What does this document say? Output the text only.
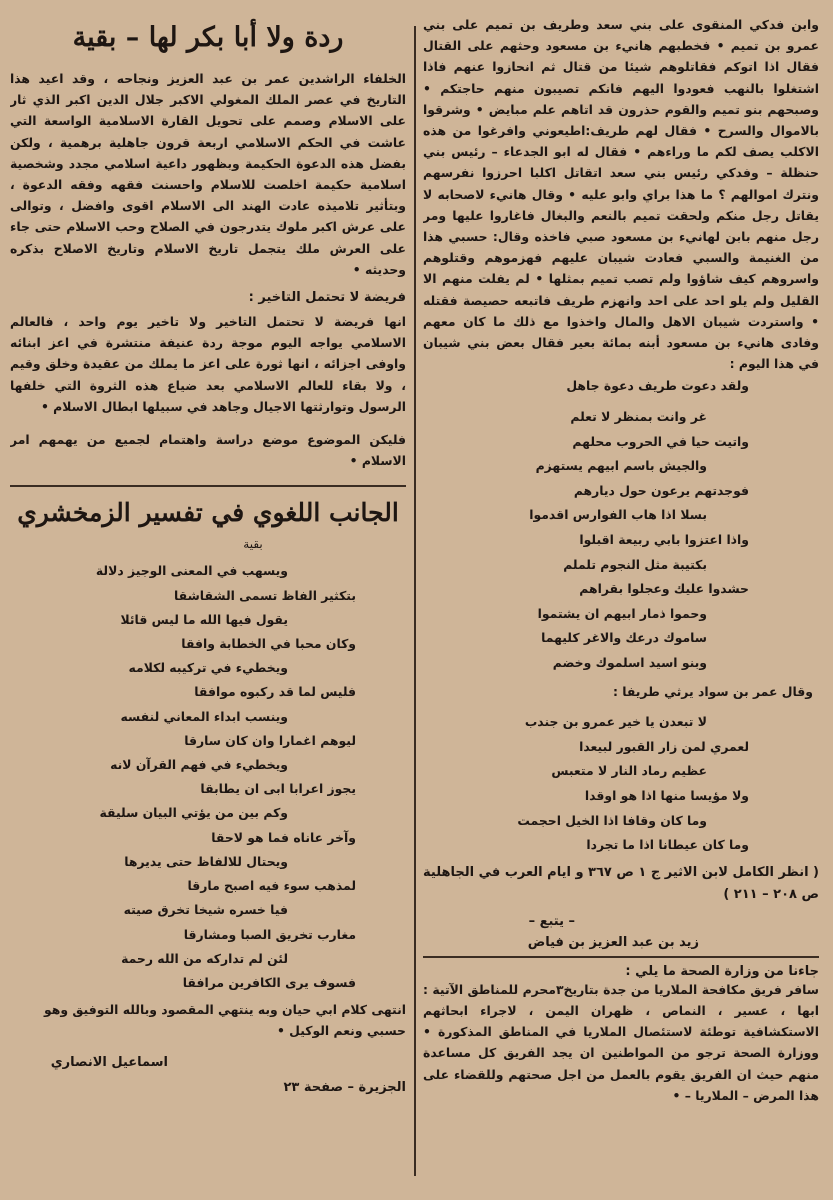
وابن فدكي المنقوى على بني سعد وطريف بن تميم على بني عمرو بن تميم • فخطبهم هانيء بن مسعود وحثهم على القتال فقال اذا اتوكم فقاتلوهم شيئا من قتال ثم انحازوا عنهم فاذا اشتغلوا بالنهب فعودوا اليهم فانكم تصيبون منهم حاجتكم • وصبحهم بنو تميم والقوم حذرون قد اتاهم علم مبايض • وشرقوا بالاموال والسرح • فقال لهم طريف:اطيعوني وافرغوا من هذه الاكلب يصف لكم ما وراءهم • فقال له ابو الجدعاء – رئيس بني حنظلة – وفدكي رئيس بني سعد اتقاتل اكلبا احرزوا نفرسهم ونترك اموالهم ؟ ما هذا براي وابو عليه • وقال هانيء لاصحابه لا يقاتل رجل منكم ولحقت تميم بالنعم والبغال فاغاروا عليها ومر رجل منهم بابن لهانيء بن مسعود صبي فاخذه وقال: حسبي هذا من الغنيمة والسبي فعادت شيبان عليهم فهزموهم وقتلوهم واسروهم كيف شاؤوا ولم تصب تميم بمثلها • لم يفلت منهم الا القليل ولم يلو احد على احد وانهزم طريف فاتبعه حصيصة فقتله • واستردت شيبان الاهل والمال واخذوا مع ذلك ما كان معهم وفادى هانيء بن مسعود أبنه بمائة بعير فقال بعض بني شيبان في هذا اليوم :

ولقد دعوت طريف دعوة جاهل
غر وانت بمنظر لا تعلم
واتيت حيا في الحروب محلهم
والجيش باسم ابيهم يستهزم
فوجدتهم يرعون حول ديارهم
بسلا اذا هاب الفوارس اقدموا
واذا اعتزوا بابي ربيعة اقبلوا
بكتيبة مثل النجوم تلملم
حشدوا عليك وعجلوا بقراهم
وحموا ذمار ابيهم ان يشتموا
ساموك درعك والاغر كليهما
وبنو اسيد اسلموك وخضم
وقال عمر بن سواد يرثي طريفا :
لا تبعدن يا خير عمرو بن جندب
لعمري لمن زار القبور لبيعدا
عظيم رماد النار لا متعبس
ولا مؤيسا منها اذا هو اوقدا
وما كان وقافا اذا الخيل احجمت
وما كان عيطانا اذا ما تجردا
( انظر الكامل لابن الاثير ج ١ ص ٣٦٧ و ايام العرب في الجاهلية ص ٢٠٨ – ٢١١ )
– يتبع –
زيد بن عبد العزيز بن فياض
جاءنا من وزارة الصحة ما يلي :

سافر فريق مكافحة الملاريا من جدة بتاريخ٣محرم للمناطق الآتية : ابها ، عسير ، النماص ، ظهران اليمن ، لاجراء ابحاثهم الاستكشافية توطئة لاستئصال الملاريا في المناطق المذكورة • ووزارة الصحة ترجو من المواطنين ان يجد الفريق كل مساعدة منهم حيث ان الفريق يقوم بالعمل من اجل صحتهم وللقضاء على هذا المرض – الملاريا – •

ردة ولا أبا بكر لها – بقية

الخلفاء الراشدين عمر بن عبد العزيز ونجاحه ، وقد اعيد هذا التاريخ في عصر الملك المغولي الاكبر جلال الدين اكبر الذي ثار على الاسلام وصمم على تحويل القارة الاسلامية الواسعة التي عاشت في الحكم الاسلامي اربعة قرون جاهلية برهمية ، ولكن بفضل هذه الدعوة الحكيمة وبظهور داعية اسلامي مجدد وشخصية اسلامية حكيمة اخلصت للاسلام واحسنت فقهه وفقه الدعوة ، وبتأثير تلاميذه عادت الهند الى الاسلام اقوى وافضل ، وتوالى على عرش اكبر ملوك يتدرجون في الصلاح وحب الاسلام حتى جاء على العرش ملك يتجمل تاريخ الاسلام وتاريخ الاصلاح بذكره وحديثه •

فريضة لا تحتمل التاخير :

انها فريضة لا تحتمل التاخير ولا تاخير يوم واحد ، فالعالم الاسلامي يواجه اليوم موجة ردة عنيفة منتشرة في اعز ابنائه واوفى اجزائه ، انها ثورة على اعز ما يملك من عقيدة وخلق وقيم ، ولا بقاء للعالم الاسلامي بعد ضياع هذه الثروة التي خلفها الرسول وتوارثتها الاجيال وجاهد في سبيلها ابطال الاسلام •

فليكن الموضوع موضع دراسة واهتمام لجميع من يهمهم امر الاسلام •

الجانب اللغوي في تفسير الزمخشري
بقية
ويسهب في المعنى الوجيز دلالة
بتكثير الفاظ تسمى الشقاشقا
يقول فيها الله ما ليس قائلا
وكان محبا في الخطابة وافقا
ويخطيء في تركيبه لكلامه
فليس لما قد ركبوه موافقا
وينسب ابداء المعاني لنفسه
ليوهم اغمارا وان كان سارقا
ويخطيء في فهم القرآن لانه
يجوز اعرابا ابى ان يطابقا
وكم بين من يؤتي البيان سليقة
وآخر عاناه فما هو لاحقا
ويحتال للالفاظ حتى يديرها
لمذهب سوء فيه اصبح مارقا
فيا خسره شيخا تخرق صيته
مغارب تخريق الصبا ومشارقا
لئن لم تداركه من الله رحمة
فسوف يرى الكافرين مرافقا
انتهى كلام ابي حيان وبه ينتهي المقصود وبالله التوفيق وهو حسبي ونعم الوكيل •
اسماعيل الانصاري
الجزيرة – صفحة ٢٣
